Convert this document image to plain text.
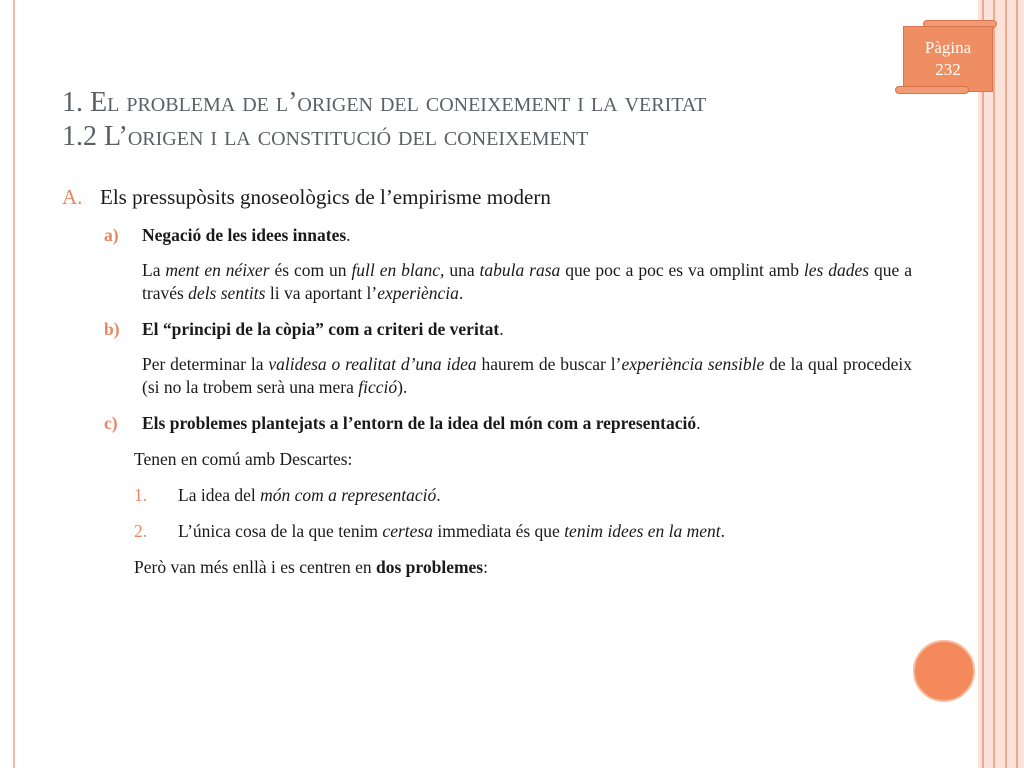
Pàgina
232
1. El problema de l’origen del coneixement i la veritat
1.2 L’origen i la constitució del coneixement
A. Els pressupòsits gnoseològics de l’empirisme modern
a) Negació de les idees innates.
La ment en néixer és com un full en blanc, una tabula rasa que poc a poc es va omplint amb les dades que a través dels sentits li va aportant l’experiència.
b) El “principi de la còpia” com a criteri de veritat.
Per determinar la validesa o realitat d’una idea haurem de buscar l’experiència sensible de la qual procedeix (si no la trobem serà una mera ficció).
c) Els problemes plantejats a l’entorn de la idea del món com a representació.
Tenen en comú amb Descartes:
1. La idea del món com a representació.
2. L’única cosa de la que tenim certesa immediata és que tenim idees en la ment.
Però van més enllà i es centren en dos problemes:
